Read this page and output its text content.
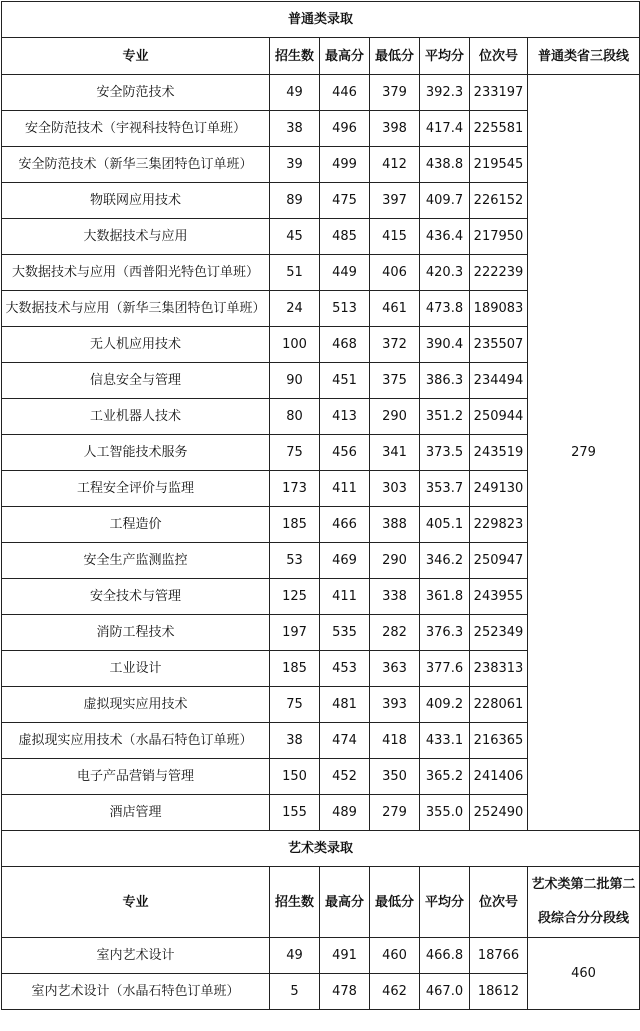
普通类录取						
专业	招生数	最高分	最低分	平均分	位次号	普通类省三段线
安全防范技术	49	446	379	392.3	233197	279
安全防范技术（宇视科技特色订单班）	38	496	398	417.4	225581	
安全防范技术（新华三集团特色订单班）	39	499	412	438.8	219545	
物联网应用技术	89	475	397	409.7	226152	
大数据技术与应用	45	485	415	436.4	217950	
大数据技术与应用（西普阳光特色订单班）	51	449	406	420.3	222239	
大数据技术与应用（新华三集团特色订单班）	24	513	461	473.8	189083	
无人机应用技术	100	468	372	390.4	235507	
信息安全与管理	90	451	375	386.3	234494	
工业机器人技术	80	413	290	351.2	250944	
人工智能技术服务	75	456	341	373.5	243519	
工程安全评价与监理	173	411	303	353.7	249130	
工程造价	185	466	388	405.1	229823	
安全生产监测监控	53	469	290	346.2	250947	
安全技术与管理	125	411	338	361.8	243955	
消防工程技术	197	535	282	376.3	252349	
工业设计	185	453	363	377.6	238313	
虚拟现实应用技术	75	481	393	409.2	228061	
虚拟现实应用技术（水晶石特色订单班）	38	474	418	433.1	216365	
电子产品营销与管理	150	452	350	365.2	241406	
酒店管理	155	489	279	355.0	252490	
艺术类录取						
专业	招生数	最高分	最低分	平均分	位次号	艺术类第二批第二段综合分分段线
室内艺术设计	49	491	460	466.8	18766	460
室内艺术设计（水晶石特色订单班）	5	478	462	467.0	18612	
